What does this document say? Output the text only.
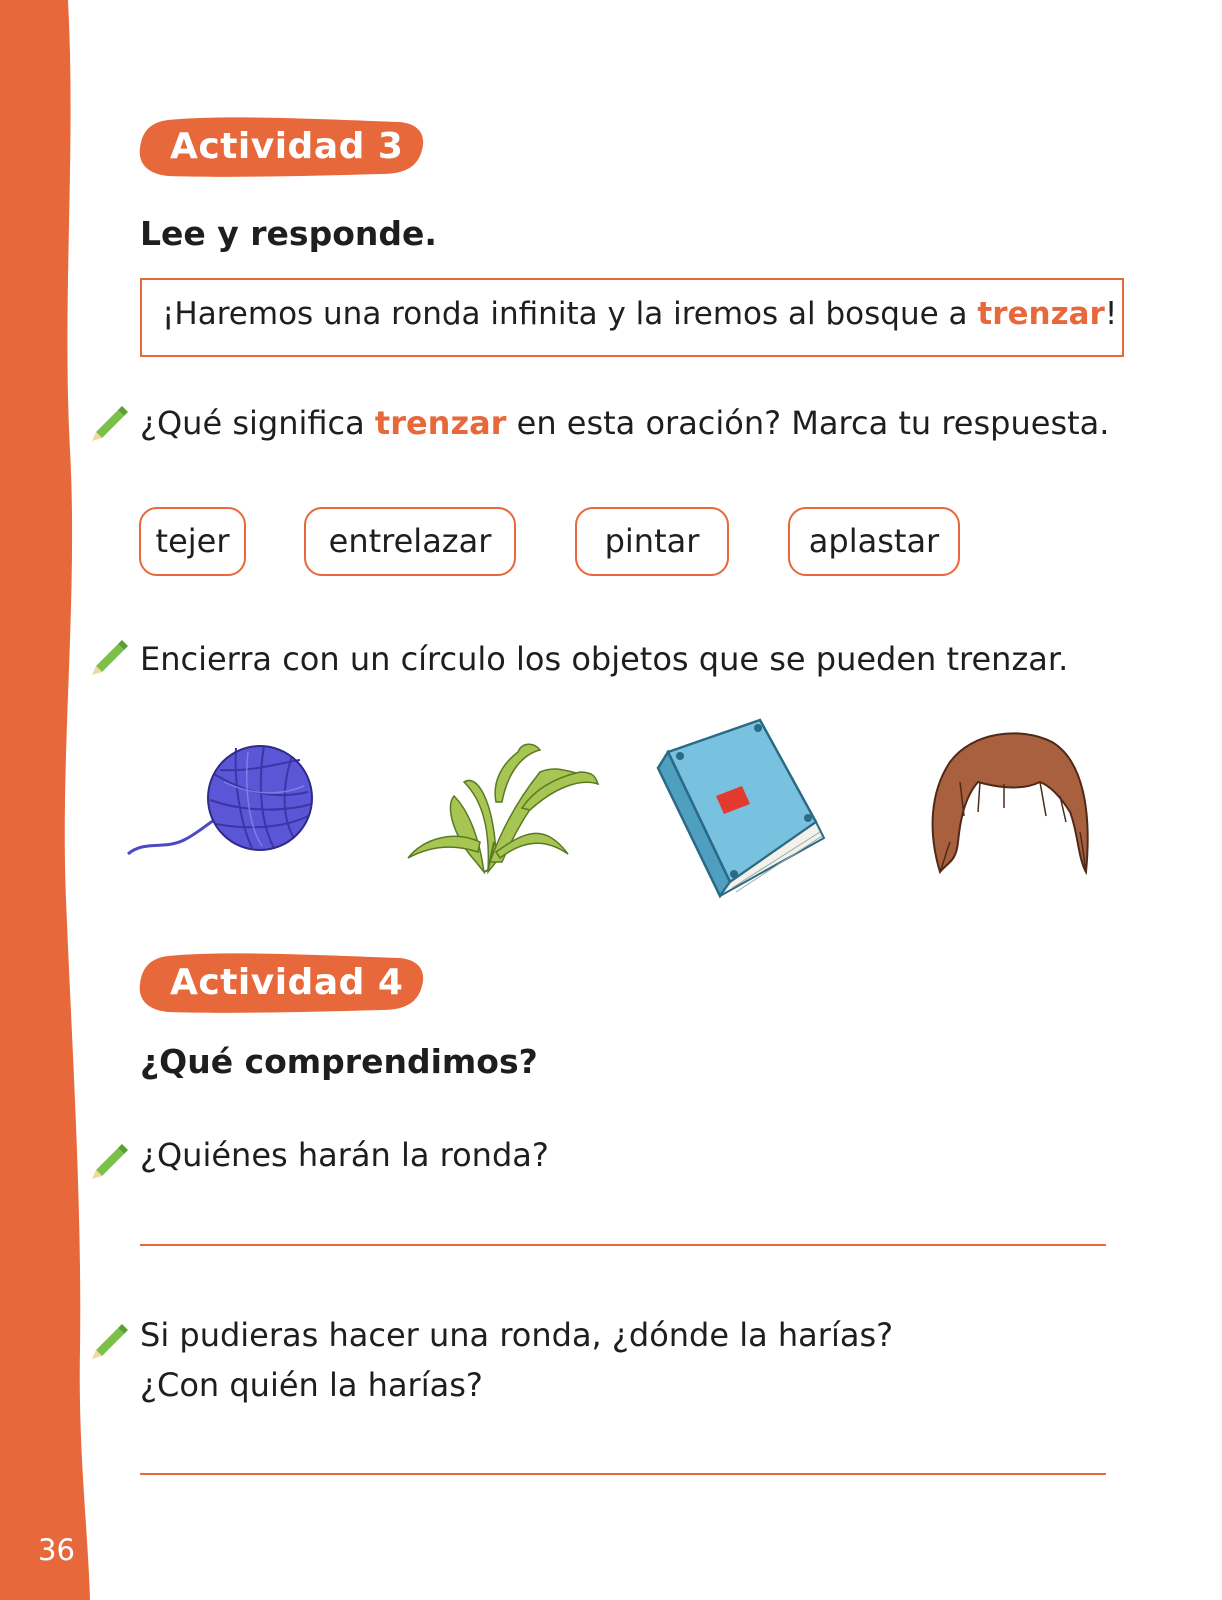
36
Actividad 3
Lee y responde.
¡Haremos una ronda infinita y la iremos al bosque a trenzar!
¿Qué significa trenzar en esta oración? Marca tu respuesta.
tejer	entrelazar	pintar	aplastar
Encierra con un círculo los objetos que se pueden trenzar.
Actividad 4
¿Qué comprendimos?
¿Quiénes harán la ronda?
Si pudieras hacer una ronda, ¿dónde la harías?
¿Con quién la harías?
